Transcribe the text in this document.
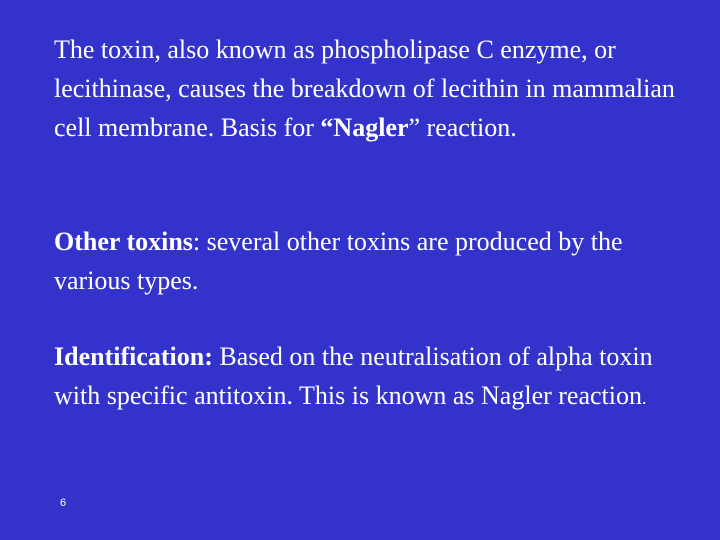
The toxin, also known as phospholipase C enzyme, or lecithinase, causes the breakdown of lecithin in mammalian cell membrane. Basis for “Nagler” reaction.

Other toxins: several other toxins are produced by the various types.

Identification: Based on the neutralisation of alpha toxin with specific antitoxin. This is known as Nagler reaction.

6
